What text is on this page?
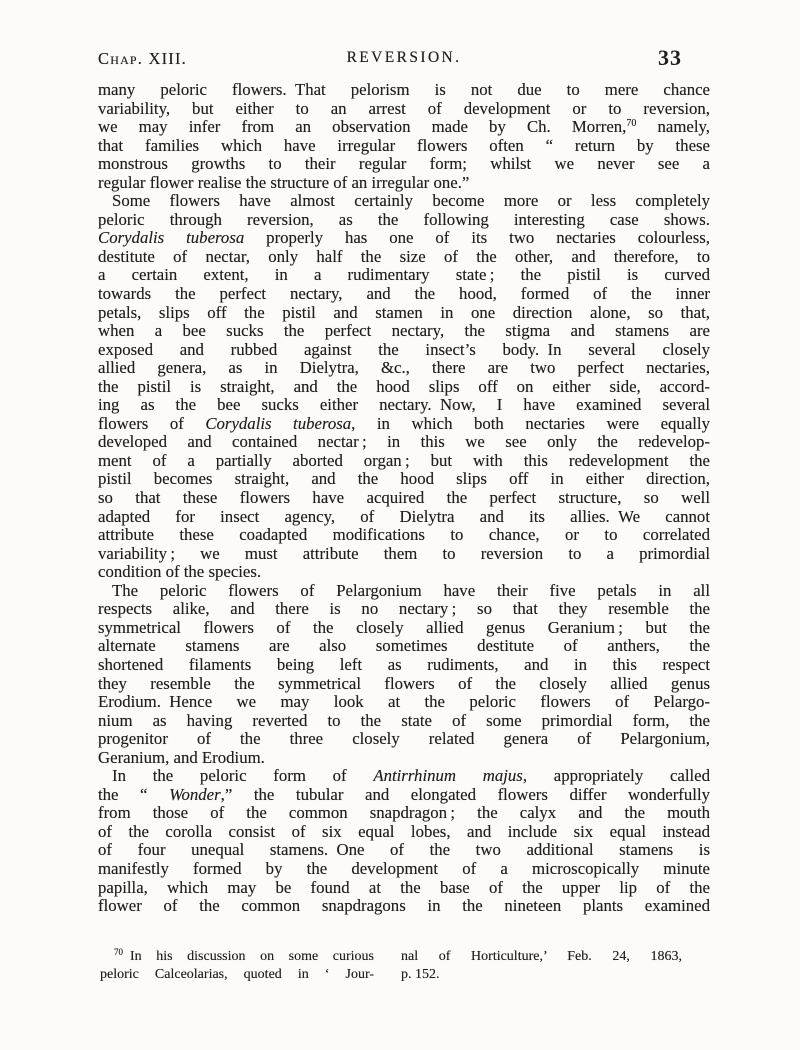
Chap. XIII.	REVERSION.	33
many peloric flowers. That pelorism is not due to mere chance
variability, but either to an arrest of development or to reversion,
we may infer from an observation made by Ch. Morren,$^{70}$ namely,
that families which have irregular flowers often “ return by these
monstrous growths to their regular form; whilst we never see a
regular flower realise the structure of an irregular one.”
Some flowers have almost certainly become more or less completely
peloric through reversion, as the following interesting case shows.
Corydalis tuberosa properly has one of its two nectaries colourless,
destitute of nectar, only half the size of the other, and therefore, to
a certain extent, in a rudimentary state ; the pistil is curved
towards the perfect nectary, and the hood, formed of the inner
petals, slips off the pistil and stamen in one direction alone, so that,
when a bee sucks the perfect nectary, the stigma and stamens are
exposed and rubbed against the insect’s body. In several closely
allied genera, as in Dielytra, &c., there are two perfect nectaries,
the pistil is straight, and the hood slips off on either side, accord-
ing as the bee sucks either nectary. Now, I have examined several
flowers of Corydalis tuberosa, in which both nectaries were equally
developed and contained nectar ; in this we see only the redevelop-
ment of a partially aborted organ ; but with this redevelopment the
pistil becomes straight, and the hood slips off in either direction,
so that these flowers have acquired the perfect structure, so well
adapted for insect agency, of Dielytra and its allies. We cannot
attribute these coadapted modifications to chance, or to correlated
variability ; we must attribute them to reversion to a primordial
condition of the species.
The peloric flowers of Pelargonium have their five petals in all
respects alike, and there is no nectary ; so that they resemble the
symmetrical flowers of the closely allied genus Geranium ; but the
alternate stamens are also sometimes destitute of anthers, the
shortened filaments being left as rudiments, and in this respect
they resemble the symmetrical flowers of the closely allied genus
Erodium. Hence we may look at the peloric flowers of Pelargo-
nium as having reverted to the state of some primordial form, the
progenitor of the three closely related genera of Pelargonium,
Geranium, and Erodium.
In the peloric form of Antirrhinum majus, appropriately called
the “ Wonder,” the tubular and elongated flowers differ wonderfully
from those of the common snapdragon ; the calyx and the mouth
of the corolla consist of six equal lobes, and include six equal instead
of four unequal stamens. One of the two additional stamens is
manifestly formed by the development of a microscopically minute
papilla, which may be found at the base of the upper lip of the
flower of the common snapdragons in the nineteen plants examined
$^{70}$ In his discussion on some curious
peloric Calceolarias, quoted in ‘ Jour-
nal of Horticulture,’ Feb. 24, 1863,
p. 152.
